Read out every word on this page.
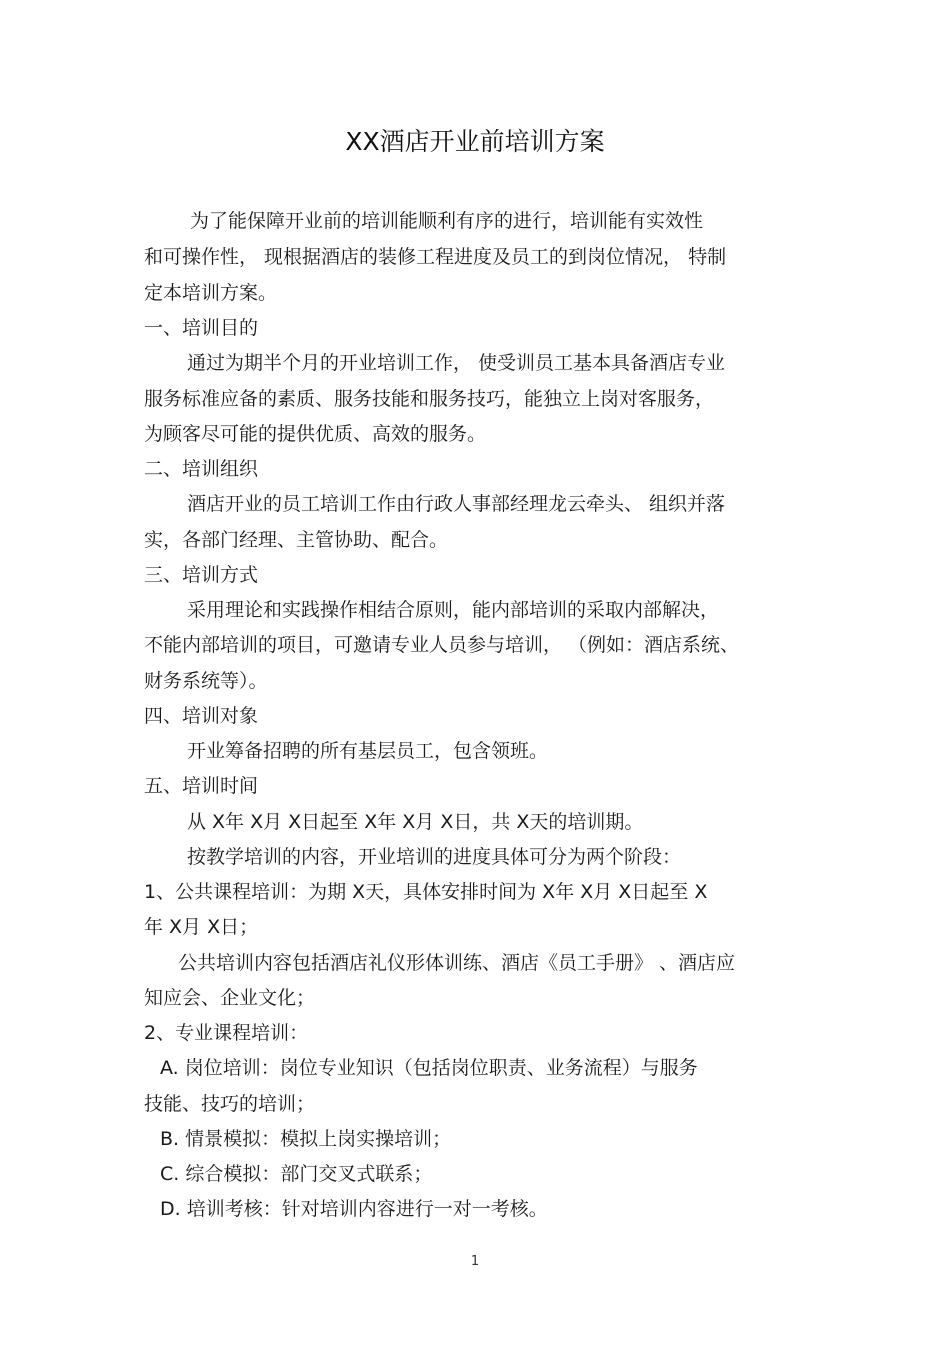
XX酒店开业前培训方案
为了能保障开业前的培训能顺利有序的进行，培训能有实效性
和可操作性， 现根据酒店的装修工程进度及员工的到岗位情况， 特制
定本培训方案。
一、培训目的
通过为期半个月的开业培训工作， 使受训员工基本具备酒店专业
服务标准应备的素质、服务技能和服务技巧，能独立上岗对客服务，
为顾客尽可能的提供优质、高效的服务。
二、培训组织
酒店开业的员工培训工作由行政人事部经理龙云牵头、 组织并落
实，各部门经理、主管协助、配合。
三、培训方式
采用理论和实践操作相结合原则，能内部培训的采取内部解决，
不能内部培训的项目，可邀请专业人员参与培训， （例如：酒店系统、
财务系统等）。
四、培训对象
开业筹备招聘的所有基层员工，包含领班。
五、培训时间
从 X年 X月 X日起至 X年 X月 X日，共 X天的培训期。
按教学培训的内容，开业培训的进度具体可分为两个阶段：
1、公共课程培训：为期 X天，具体安排时间为 X年 X月 X日起至 X
年 X月 X日；
公共培训内容包括酒店礼仪形体训练、酒店《员工手册》 、酒店应
知应会、企业文化；
2、专业课程培训：
A. 岗位培训：岗位专业知识（包括岗位职责、业务流程）与服务
技能、技巧的培训；
B. 情景模拟：模拟上岗实操培训；
C. 综合模拟：部门交叉式联系；
D. 培训考核：针对培训内容进行一对一考核。
1
